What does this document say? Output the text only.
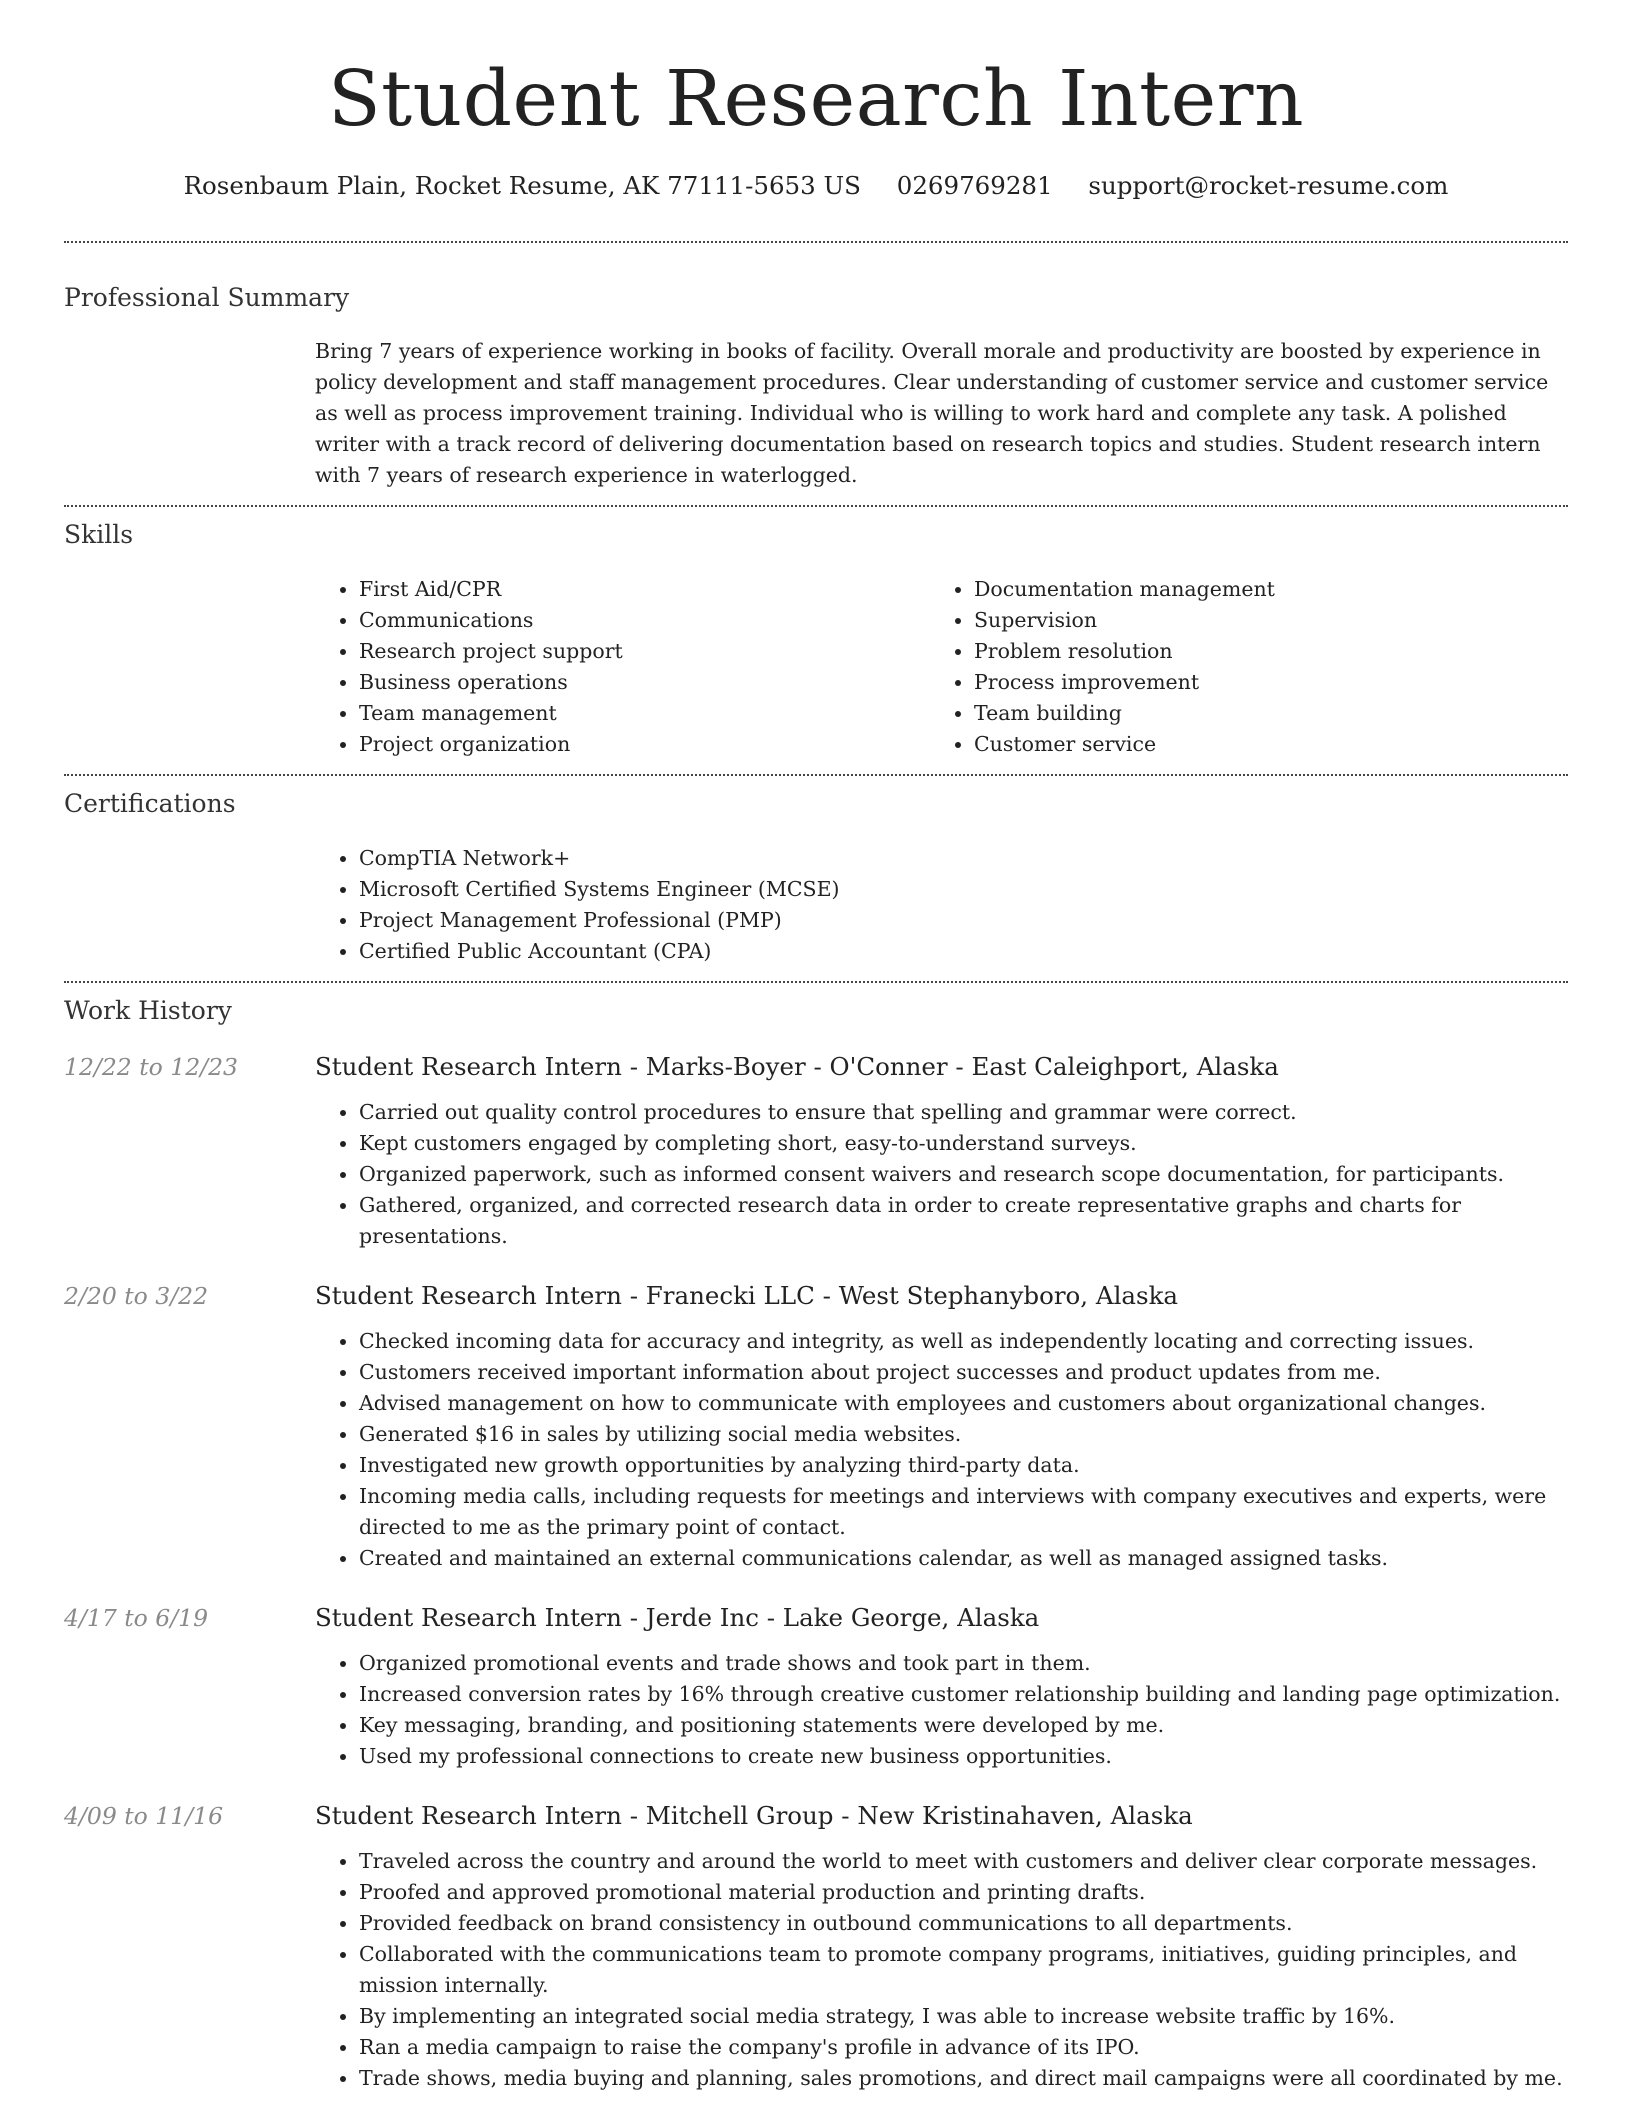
Student Research Intern
Rosenbaum Plain, Rocket Resume, AK 77111-5653 US 0269769281 support@rocket-resume.com
Professional Summary

Bring 7 years of experience working in books of facility. Overall morale and productivity are boosted by experience in policy development and staff management procedures. Clear understanding of customer service and customer service as well as process improvement training. Individual who is willing to work hard and complete any task. A polished writer with a track record of delivering documentation based on research topics and studies. Student research intern with 7 years of research experience in waterlogged.

Skills
• First Aid/CPR
• Communications
• Research project support
• Business operations
• Team management
• Project organization
• Documentation management
• Supervision
• Problem resolution
• Process improvement
• Team building
• Customer service
Certifications
• CompTIA Network+
• Microsoft Certified Systems Engineer (MCSE)
• Project Management Professional (PMP)
• Certified Public Accountant (CPA)
Work History
12/22 to 12/23	Student Research Intern - Marks-Boyer - O'Conner - East Caleighport, Alaska
• Carried out quality control procedures to ensure that spelling and grammar were correct.
• Kept customers engaged by completing short, easy-to-understand surveys.
• Organized paperwork, such as informed consent waivers and research scope documentation, for participants.
• Gathered, organized, and corrected research data in order to create representative graphs and charts for presentations.
2/20 to 3/22	Student Research Intern - Franecki LLC - West Stephanyboro, Alaska
• Checked incoming data for accuracy and integrity, as well as independently locating and correcting issues.
• Customers received important information about project successes and product updates from me.
• Advised management on how to communicate with employees and customers about organizational changes.
• Generated $16 in sales by utilizing social media websites.
• Investigated new growth opportunities by analyzing third-party data.
• Incoming media calls, including requests for meetings and interviews with company executives and experts, were directed to me as the primary point of contact.
• Created and maintained an external communications calendar, as well as managed assigned tasks.
4/17 to 6/19	Student Research Intern - Jerde Inc - Lake George, Alaska
• Organized promotional events and trade shows and took part in them.
• Increased conversion rates by 16% through creative customer relationship building and landing page optimization.
• Key messaging, branding, and positioning statements were developed by me.
• Used my professional connections to create new business opportunities.
4/09 to 11/16	Student Research Intern - Mitchell Group - New Kristinahaven, Alaska
• Traveled across the country and around the world to meet with customers and deliver clear corporate messages.
• Proofed and approved promotional material production and printing drafts.
• Provided feedback on brand consistency in outbound communications to all departments.
• Collaborated with the communications team to promote company programs, initiatives, guiding principles, and mission internally.
• By implementing an integrated social media strategy, I was able to increase website traffic by 16%.
• Ran a media campaign to raise the company's profile in advance of its IPO.
• Trade shows, media buying and planning, sales promotions, and direct mail campaigns were all coordinated by me.
